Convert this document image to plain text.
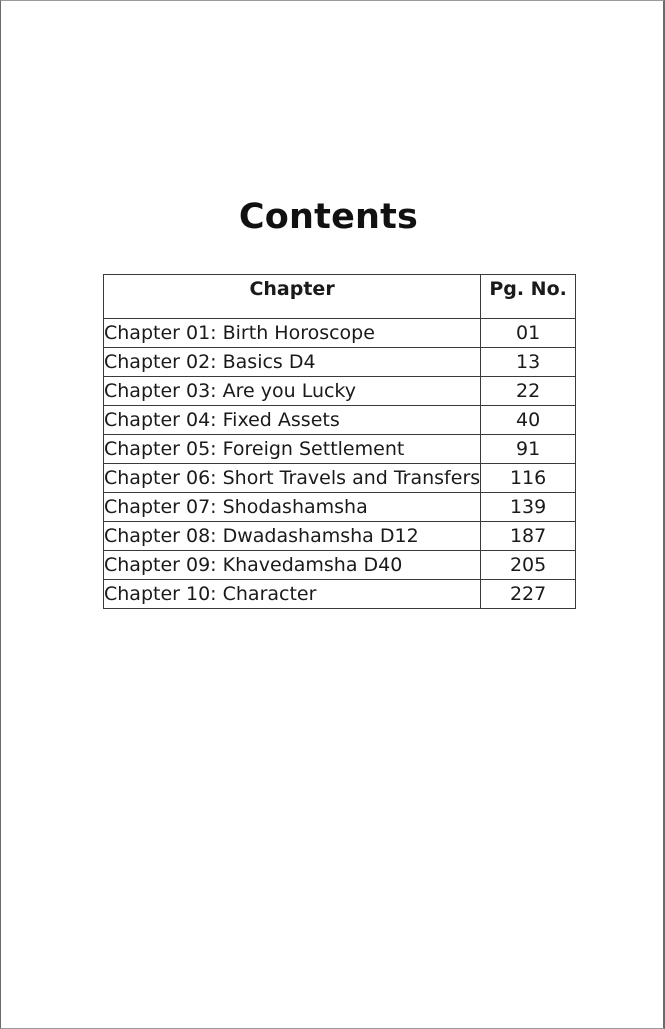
Contents
Chapter	Pg. No.
Chapter 01: Birth Horoscope	01
Chapter 02: Basics D4	13
Chapter 03: Are you Lucky	22
Chapter 04: Fixed Assets	40
Chapter 05: Foreign Settlement	91
Chapter 06: Short Travels and Transfers	116
Chapter 07: Shodashamsha	139
Chapter 08: Dwadashamsha D12	187
Chapter 09: Khavedamsha D40	205
Chapter 10: Character	227
